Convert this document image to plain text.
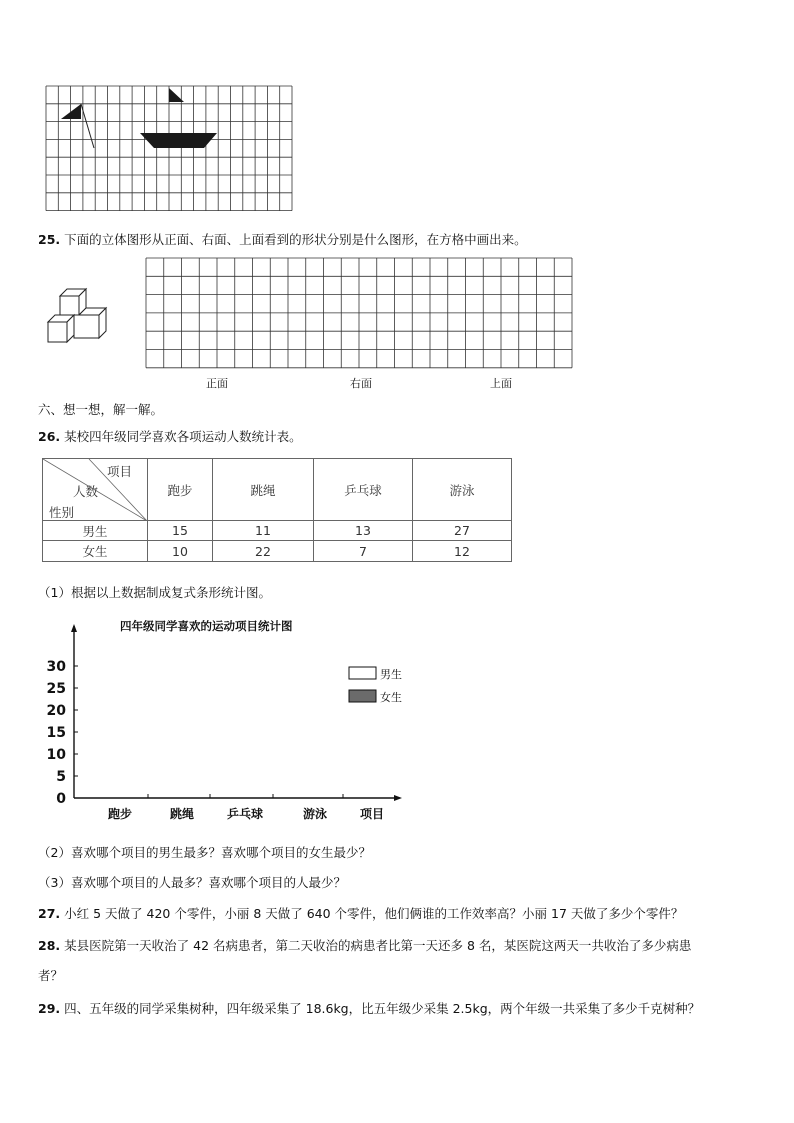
25. 下面的立体图形从正面、右面、上面看到的形状分别是什么图形，在方格中画出来。
正面	右面	上面
六、想一想，解一解。
26. 某校四年级同学喜欢各项运动人数统计表。
项目
人数
性别	跑步	跳绳	乒乓球	游泳
男生	15	11	13	27
女生	10	22	7	12
（1）根据以上数据制成复式条形统计图。
四年级同学喜欢的运动项目统计图
0
5
10
15
20
25
30
跑步	跳绳	乒乓球	游泳	项目
男生
女生
（2）喜欢哪个项目的男生最多？喜欢哪个项目的女生最少？
（3）喜欢哪个项目的人最多？喜欢哪个项目的人最少？
27. 小红 5 天做了 420 个零件，小丽 8 天做了 640 个零件，他们俩谁的工作效率高？小丽 17 天做了多少个零件？
28. 某县医院第一天收治了 42 名病患者，第二天收治的病患者比第一天还多 8 名，某医院这两天一共收治了多少病患
者？
29. 四、五年级的同学采集树种，四年级采集了 18.6kg，比五年级少采集 2.5kg，两个年级一共采集了多少千克树种？
